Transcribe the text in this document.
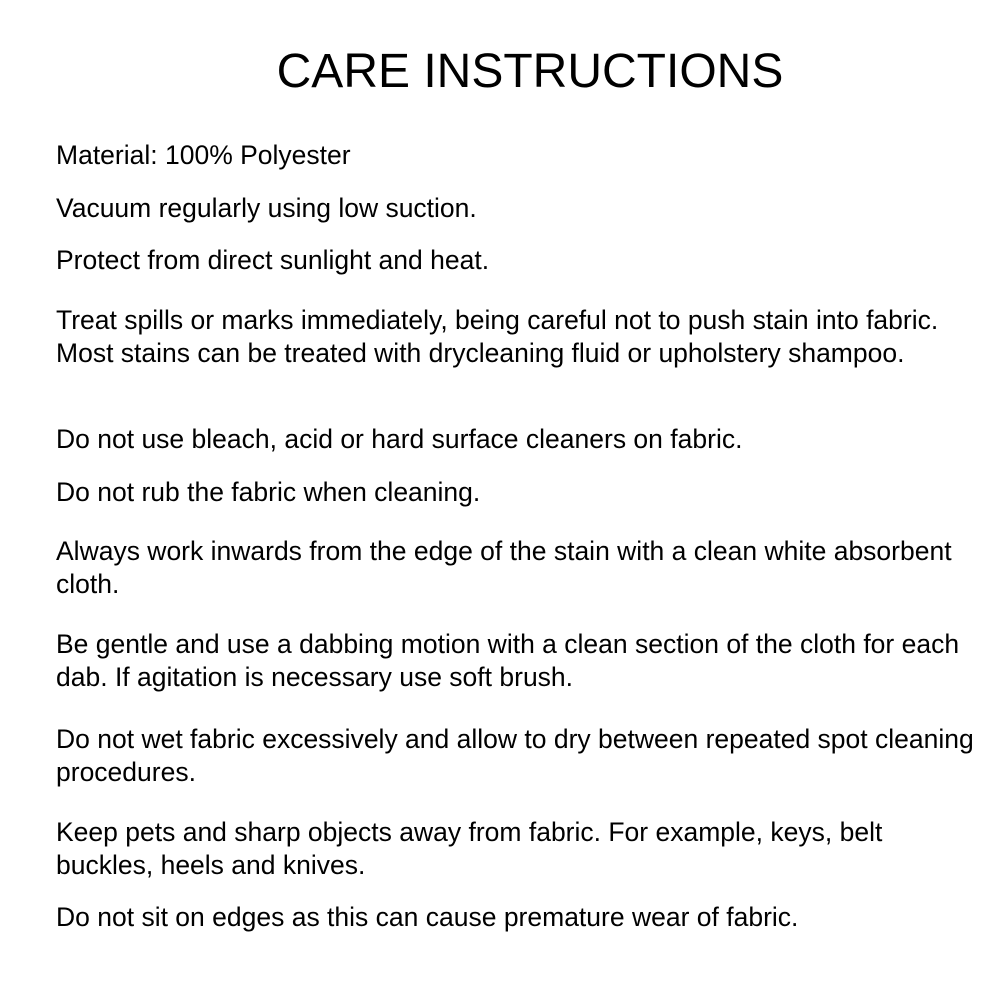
CARE INSTRUCTIONS

Material: 100% Polyester

Vacuum regularly using low suction.

Protect from direct sunlight and heat.

Treat spills or marks immediately, being careful not to push stain into fabric. Most stains can be treated with drycleaning fluid or upholstery shampoo.

Do not use bleach, acid or hard surface cleaners on fabric.

Do not rub the fabric when cleaning.

Always work inwards from the edge of the stain with a clean white absorbent cloth.

Be gentle and use a dabbing motion with a clean section of the cloth for each dab. If agitation is necessary use soft brush.

Do not wet fabric excessively and allow to dry between repeated spot cleaning procedures.

Keep pets and sharp objects away from fabric. For example, keys, belt buckles, heels and knives.

Do not sit on edges as this can cause premature wear of fabric.
